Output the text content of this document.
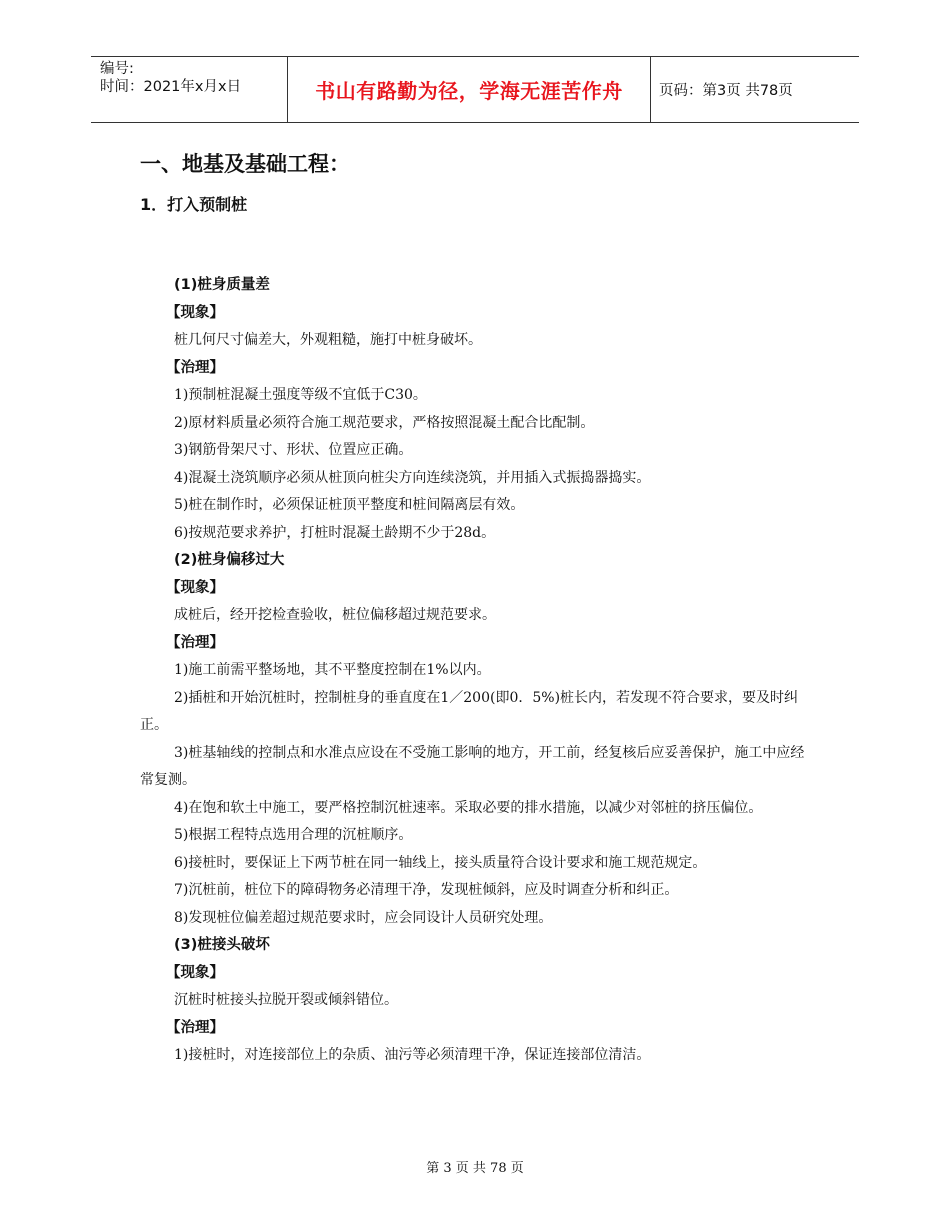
编号:
时间：2021年x月x日	书山有路勤为径，学海无涯苦作舟	页码：第3页 共78页
一、地基及基础工程：
1．打入预制桩
(1)桩身质量差
【现象】
桩几何尺寸偏差大，外观粗糙，施打中桩身破坏。
【治理】
1)预制桩混凝土强度等级不宜低于C30。
2)原材料质量必须符合施工规范要求，严格按照混凝土配合比配制。
3)钢筋骨架尺寸、形状、位置应正确。
4)混凝土浇筑顺序必须从桩顶向桩尖方向连续浇筑，并用插入式振捣器捣实。
5)桩在制作时，必须保证桩顶平整度和桩间隔离层有效。
6)按规范要求养护，打桩时混凝土龄期不少于28d。
(2)桩身偏移过大
【现象】
成桩后，经开挖检查验收，桩位偏移超过规范要求。
【治理】
1)施工前需平整场地，其不平整度控制在1%以内。
2)插桩和开始沉桩时，控制桩身的垂直度在1／200(即0．5%)桩长内，若发现不符合要求，要及时纠正。
3)桩基轴线的控制点和水准点应设在不受施工影响的地方，开工前，经复核后应妥善保护，施工中应经常复测。
4)在饱和软土中施工，要严格控制沉桩速率。采取必要的排水措施，以减少对邻桩的挤压偏位。
5)根据工程特点选用合理的沉桩顺序。
6)接桩时，要保证上下两节桩在同一轴线上，接头质量符合设计要求和施工规范规定。
7)沉桩前，桩位下的障碍物务必清理干净，发现桩倾斜，应及时调查分析和纠正。
8)发现桩位偏差超过规范要求时，应会同设计人员研究处理。
(3)桩接头破坏
【现象】
沉桩时桩接头拉脱开裂或倾斜错位。
【治理】
1)接桩时，对连接部位上的杂质、油污等必须清理干净，保证连接部位清洁。
第 3 页 共 78 页
